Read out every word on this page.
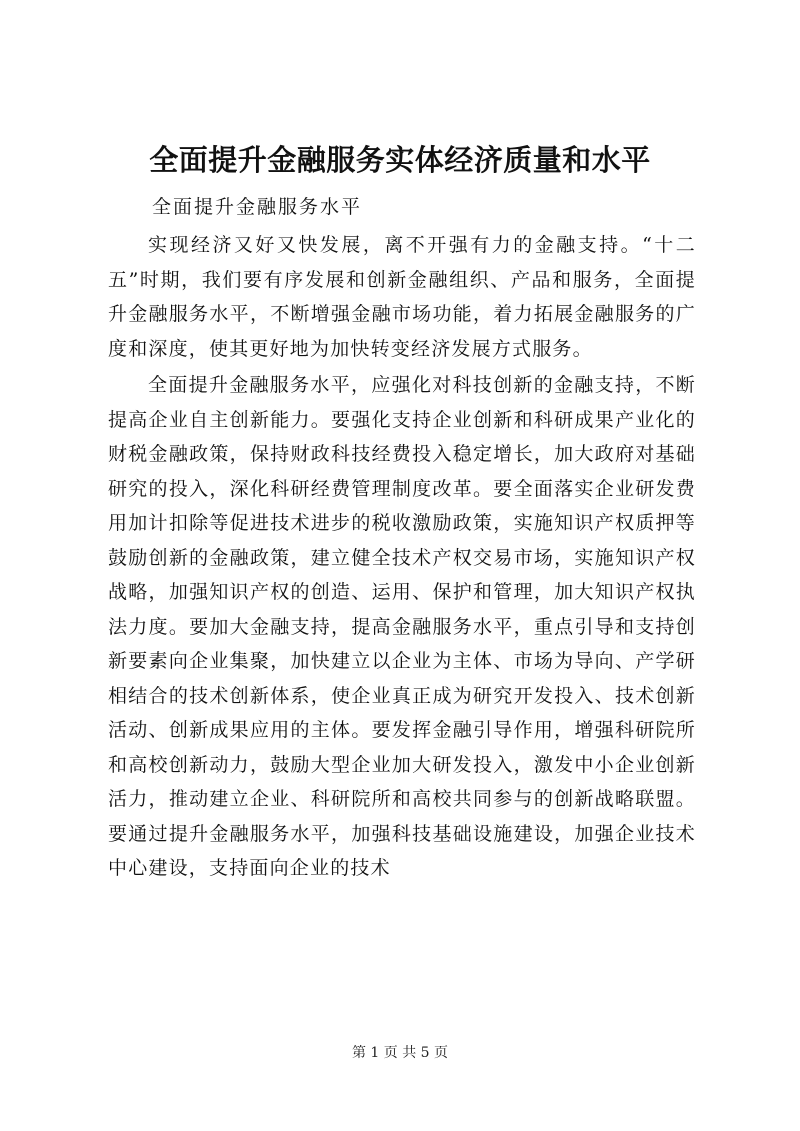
全面提升金融服务实体经济质量和水平
全面提升金融服务水平

实现经济又好又快发展，离不开强有力的金融支持。“十二五”时期，我们要有序发展和创新金融组织、产品和服务，全面提升金融服务水平，不断增强金融市场功能，着力拓展金融服务的广度和深度，使其更好地为加快转变经济发展方式服务。

全面提升金融服务水平，应强化对科技创新的金融支持，不断提高企业自主创新能力。要强化支持企业创新和科研成果产业化的财税金融政策，保持财政科技经费投入稳定增长，加大政府对基础研究的投入，深化科研经费管理制度改革。要全面落实企业研发费用加计扣除等促进技术进步的税收激励政策，实施知识产权质押等鼓励创新的金融政策，建立健全技术产权交易市场，实施知识产权战略，加强知识产权的创造、运用、保护和管理，加大知识产权执法力度。要加大金融支持，提高金融服务水平，重点引导和支持创新要素向企业集聚，加快建立以企业为主体、市场为导向、产学研相结合的技术创新体系，使企业真正成为研究开发投入、技术创新活动、创新成果应用的主体。要发挥金融引导作用，增强科研院所和高校创新动力，鼓励大型企业加大研发投入，激发中小企业创新活力，推动建立企业、科研院所和高校共同参与的创新战略联盟。要通过提升金融服务水平，加强科技基础设施建设，加强企业技术中心建设，支持面向企业的技术

第 1 页 共 5 页
